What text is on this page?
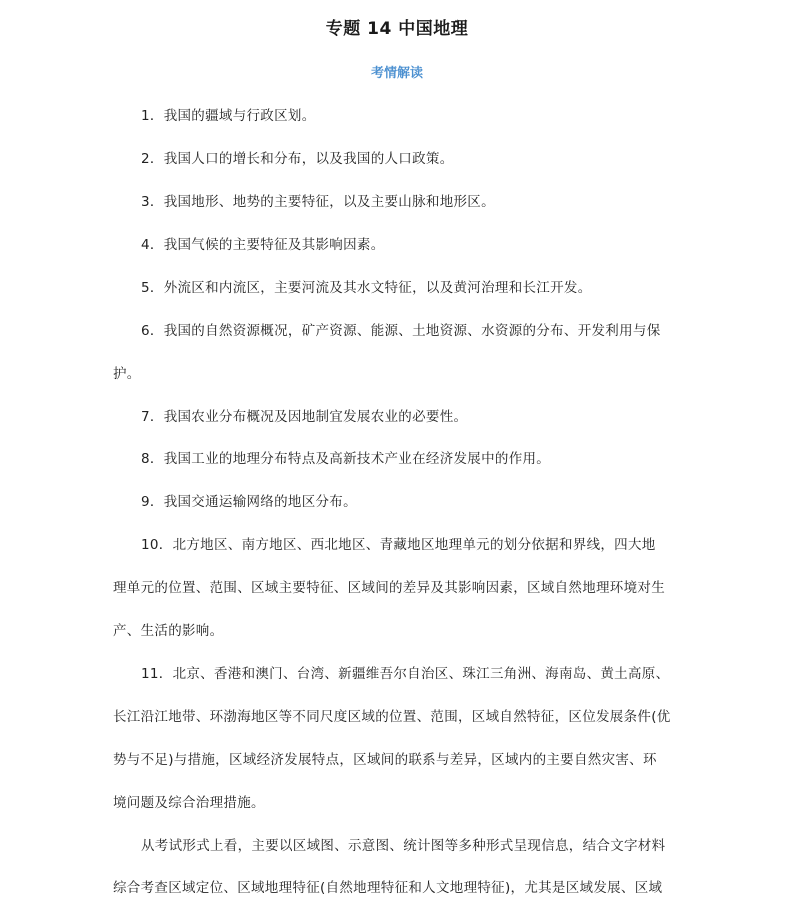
专题 14 中国地理
考情解读
1．我国的疆域与行政区划。
2．我国人口的增长和分布，以及我国的人口政策。
3．我国地形、地势的主要特征，以及主要山脉和地形区。
4．我国气候的主要特征及其影响因素。
5．外流区和内流区，主要河流及其水文特征，以及黄河治理和长江开发。
6．我国的自然资源概况，矿产资源、能源、土地资源、水资源的分布、开发利用与保
护。
7．我国农业分布概况及因地制宜发展农业的必要性。
8．我国工业的地理分布特点及高新技术产业在经济发展中的作用。
9．我国交通运输网络的地区分布。
10．北方地区、南方地区、西北地区、青藏地区地理单元的划分依据和界线，四大地
理单元的位置、范围、区域主要特征、区域间的差异及其影响因素，区域自然地理环境对生
产、生活的影响。
11．北京、香港和澳门、台湾、新疆维吾尔自治区、珠江三角洲、海南岛、黄土高原、
长江沿江地带、环渤海地区等不同尺度区域的位置、范围，区域自然特征，区位发展条件(优
势与不足)与措施，区域经济发展特点，区域间的联系与差异，区域内的主要自然灾害、环
境问题及综合治理措施。
从考试形式上看，主要以区域图、示意图、统计图等多种形式呈现信息，结合文字材料
综合考查区域定位、区域地理特征(自然地理特征和人文地理特征)，尤其是区域发展、区域
